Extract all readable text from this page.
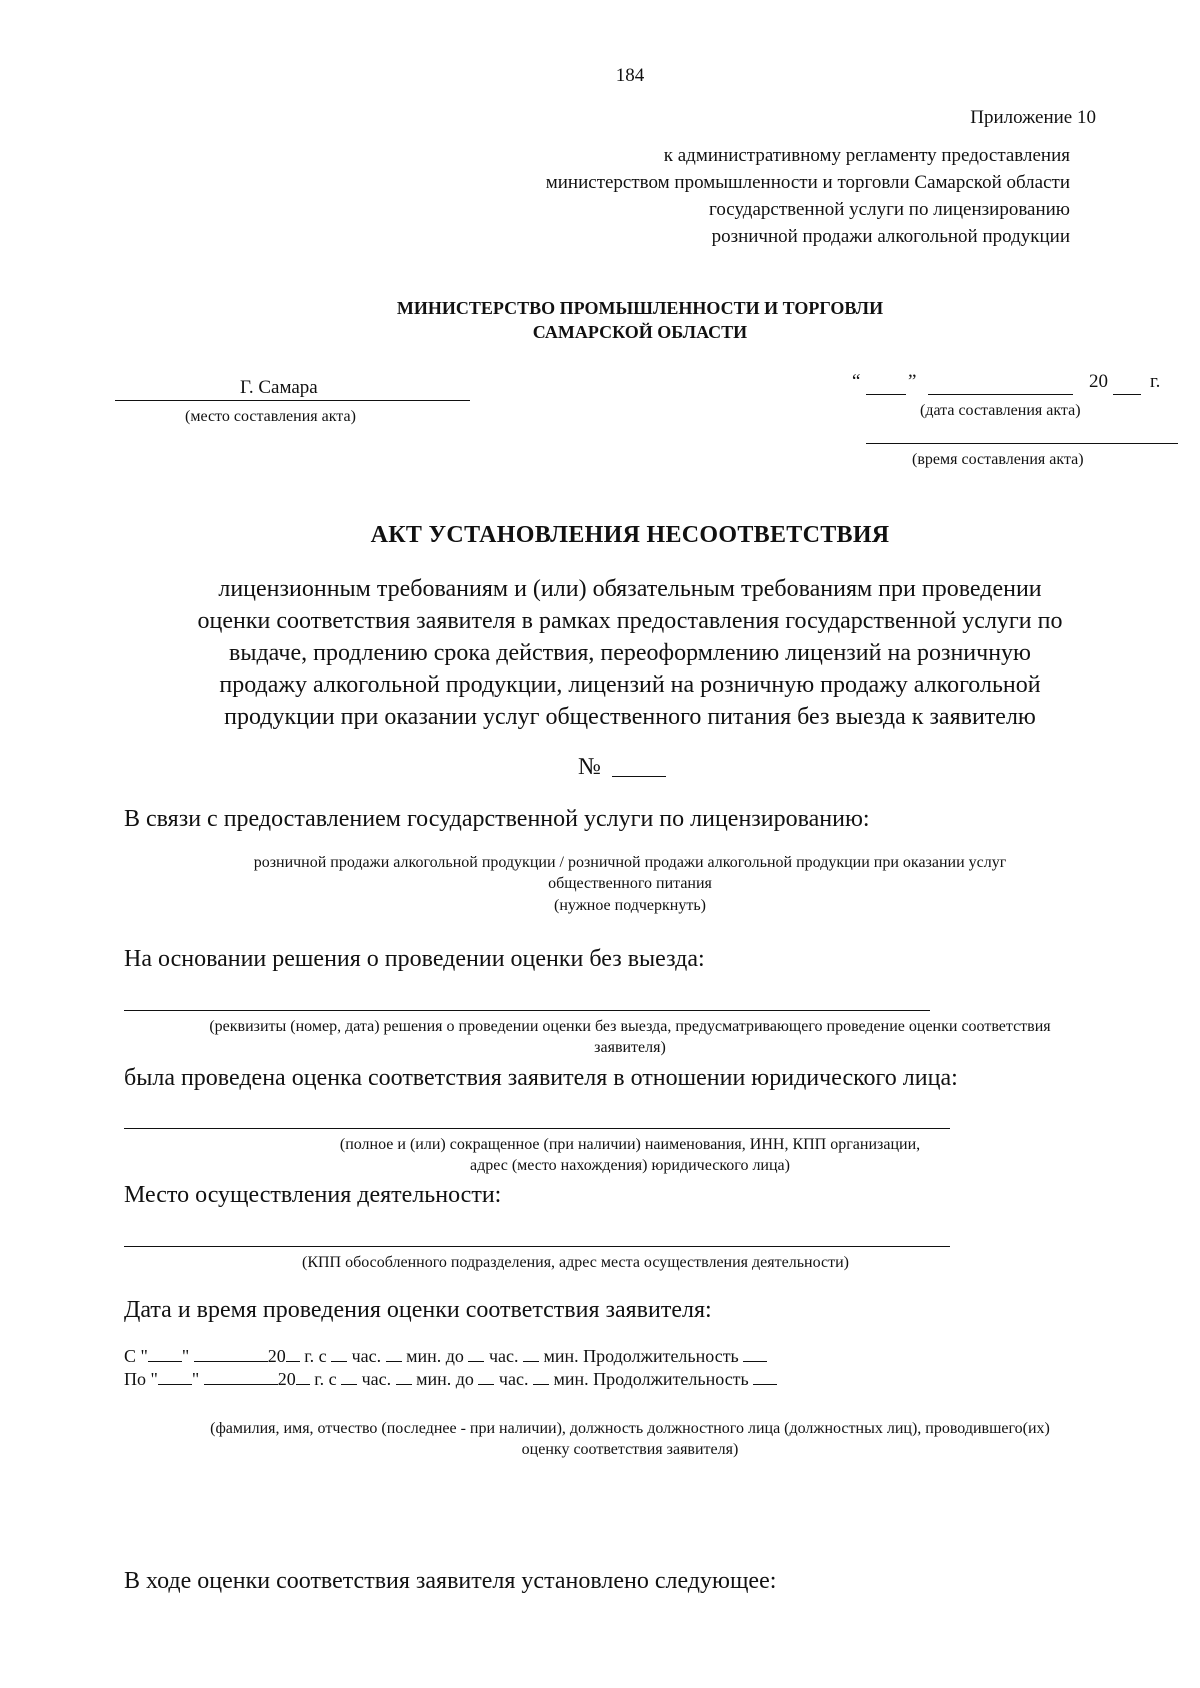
184
Приложение 10
к административному регламенту предоставления
министерством промышленности и торговли Самарской области
государственной услуги по лицензированию
розничной продажи алкогольной продукции
МИНИСТЕРСТВО ПРОМЫШЛЕННОСТИ И ТОРГОВЛИ
САМАРСКОЙ ОБЛАСТИ
Г. Самара
(место составления акта)
“	”	20 г.
(дата составления акта)
(время составления акта)
АКТ УСТАНОВЛЕНИЯ НЕСООТВЕТСТВИЯ
лицензионным требованиям и (или) обязательным требованиям при проведении
оценки соответствия заявителя в рамках предоставления государственной услуги по
выдаче, продлению срока действия, переоформлению лицензий на розничную
продажу алкогольной продукции, лицензий на розничную продажу алкогольной
продукции при оказании услуг общественного питания без выезда к заявителю
№
В связи с предоставлением государственной услуги по лицензированию:
розничной продажи алкогольной продукции / розничной продажи алкогольной продукции при оказании услуг
общественного питания
(нужное подчеркнуть)
На основании решения о проведении оценки без выезда:
(реквизиты (номер, дата) решения о проведении оценки без выезда, предусматривающего проведение оценки соответствия
заявителя)
была проведена оценка соответствия заявителя в отношении юридического лица:
(полное и (или) сокращенное (при наличии) наименования, ИНН, КПП организации,
адрес (место нахождения) юридического лица)
Место осуществления деятельности:
(КПП обособленного подразделения, адрес места осуществления деятельности)
Дата и время проведения оценки соответствия заявителя:
С " "	20 г. с час. мин. до час. мин. Продолжительность
По " "	20 г. с час. мин. до час. мин. Продолжительность
(фамилия, имя, отчество (последнее - при наличии), должность должностного лица (должностных лиц), проводившего(их)
оценку соответствия заявителя)
В ходе оценки соответствия заявителя установлено следующее:
